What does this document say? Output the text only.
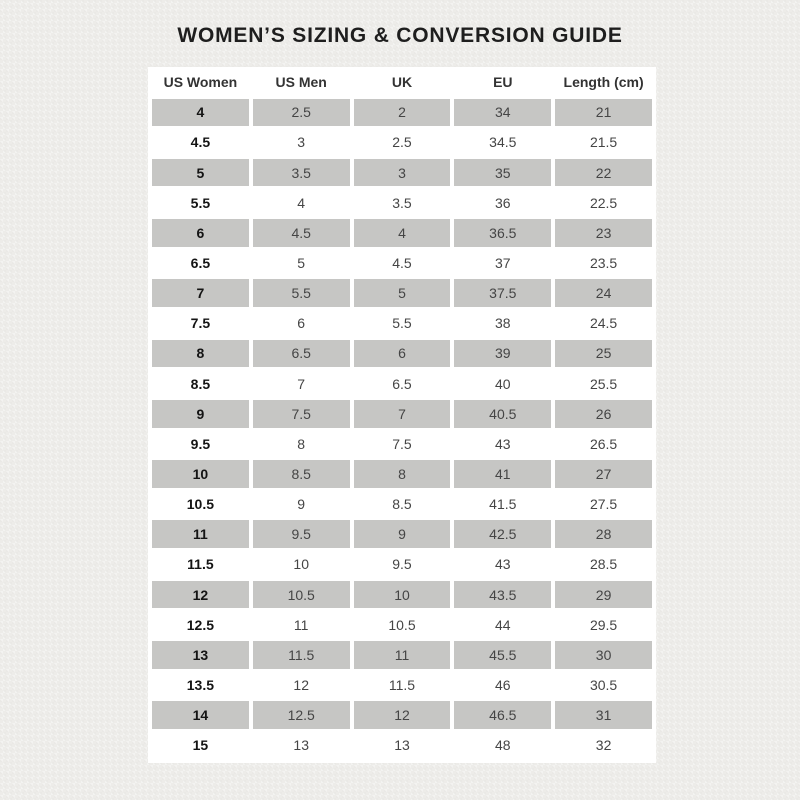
WOMEN’S SIZING & CONVERSION GUIDE
US Women	US Men	UK	EU	Length (cm)
4	2.5	2	34	21
4.5	3	2.5	34.5	21.5
5	3.5	3	35	22
5.5	4	3.5	36	22.5
6	4.5	4	36.5	23
6.5	5	4.5	37	23.5
7	5.5	5	37.5	24
7.5	6	5.5	38	24.5
8	6.5	6	39	25
8.5	7	6.5	40	25.5
9	7.5	7	40.5	26
9.5	8	7.5	43	26.5
10	8.5	8	41	27
10.5	9	8.5	41.5	27.5
11	9.5	9	42.5	28
11.5	10	9.5	43	28.5
12	10.5	10	43.5	29
12.5	11	10.5	44	29.5
13	11.5	11	45.5	30
13.5	12	11.5	46	30.5
14	12.5	12	46.5	31
15	13	13	48	32
